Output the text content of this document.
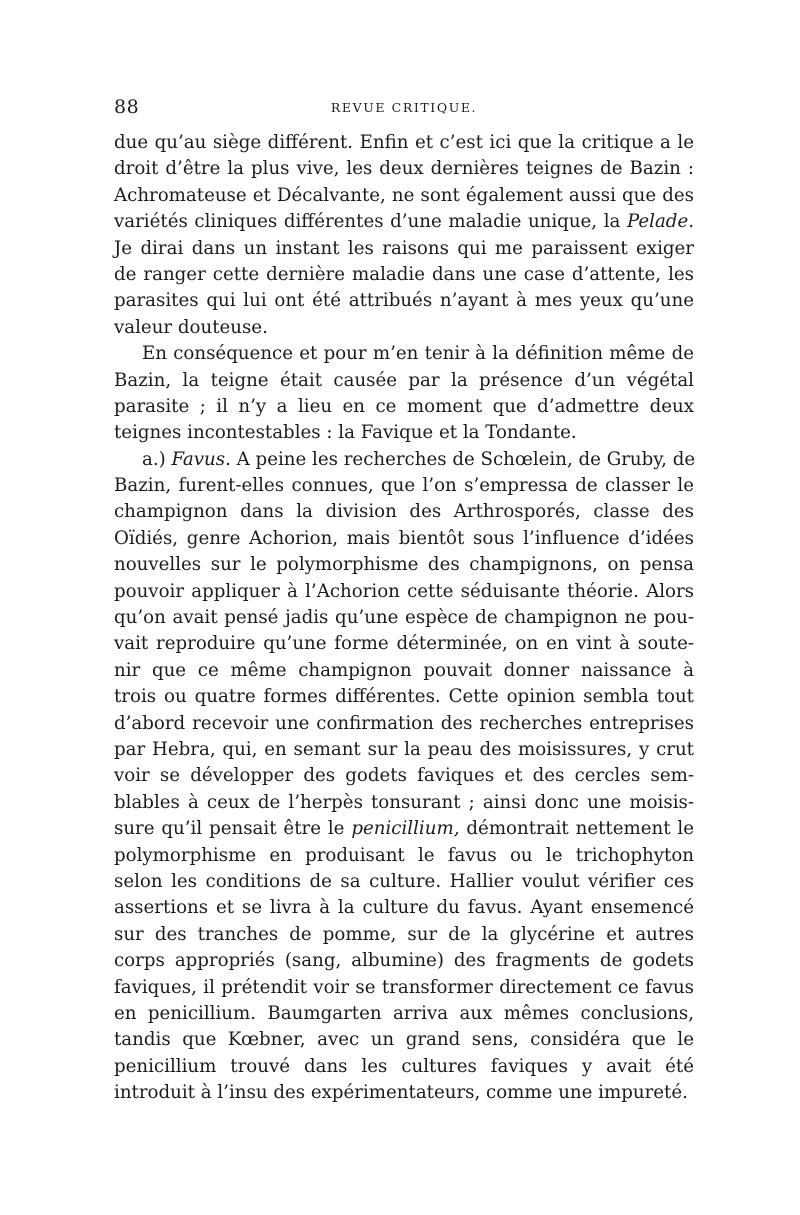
88	REVUE CRITIQUE.
due qu’au siège différent. Enfin et c’est ici que la critique a le
droit d’être la plus vive, les deux dernières teignes de Bazin :
Achromateuse et Décalvante, ne sont également aussi que des
variétés cliniques différentes d’une maladie unique, la Pelade.
Je dirai dans un instant les raisons qui me paraissent exiger
de ranger cette dernière maladie dans une case d’attente, les
parasites qui lui ont été attribués n’ayant à mes yeux qu’une
valeur douteuse.
En conséquence et pour m’en tenir à la définition même de
Bazin, la teigne était causée par la présence d’un végétal
parasite ; il n’y a lieu en ce moment que d’admettre deux
teignes incontestables : la Favique et la Tondante.
a.) Favus. A peine les recherches de Schœlein, de Gruby, de
Bazin, furent-elles connues, que l’on s’empressa de classer le
champignon dans la division des Arthrosporés, classe des
Oïdiés, genre Achorion, mais bientôt sous l’influence d’idées
nouvelles sur le polymorphisme des champignons, on pensa
pouvoir appliquer à l’Achorion cette séduisante théorie. Alors
qu’on avait pensé jadis qu’une espèce de champignon ne pou-
vait reproduire qu’une forme déterminée, on en vint à soute-
nir que ce même champignon pouvait donner naissance à
trois ou quatre formes différentes. Cette opinion sembla tout
d’abord recevoir une confirmation des recherches entreprises
par Hebra, qui, en semant sur la peau des moisissures, y crut
voir se développer des godets faviques et des cercles sem-
blables à ceux de l’herpès tonsurant ; ainsi donc une moisis-
sure qu’il pensait être le penicillium, démontrait nettement le
polymorphisme en produisant le favus ou le trichophyton
selon les conditions de sa culture. Hallier voulut vérifier ces
assertions et se livra à la culture du favus. Ayant ensemencé
sur des tranches de pomme, sur de la glycérine et autres
corps appropriés (sang, albumine) des fragments de godets
faviques, il prétendit voir se transformer directement ce favus
en penicillium. Baumgarten arriva aux mêmes conclusions,
tandis que Kœbner, avec un grand sens, considéra que le
penicillium trouvé dans les cultures faviques y avait été
introduit à l’insu des expérimentateurs, comme une impureté.
